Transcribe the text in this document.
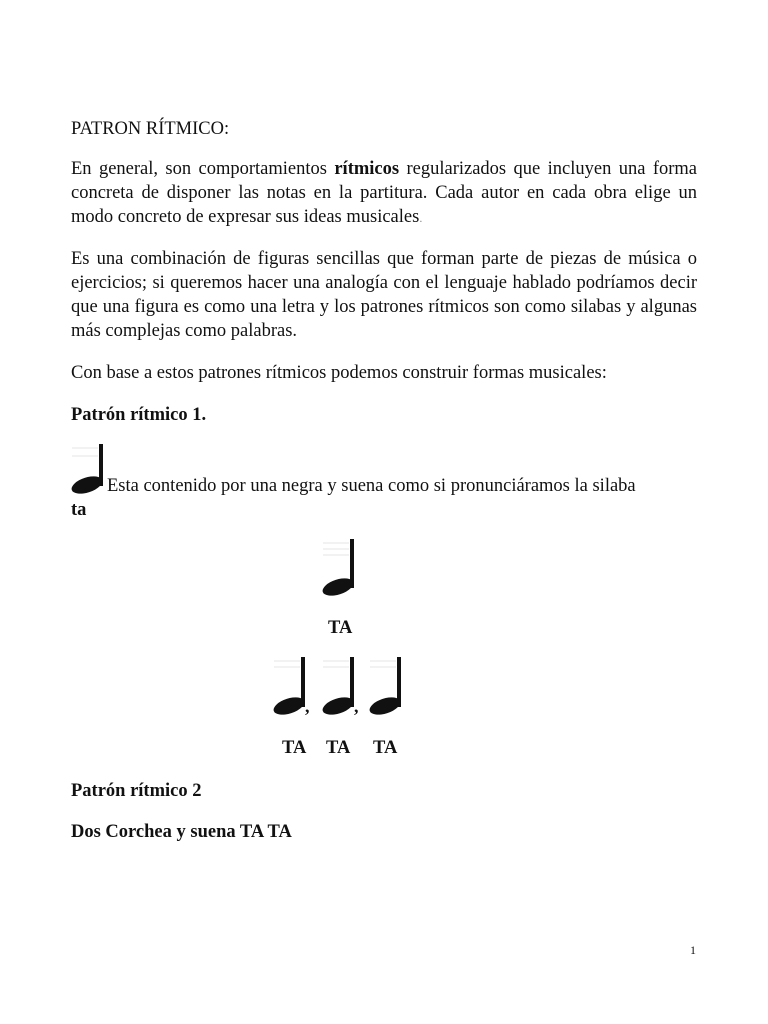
PATRON RÍTMICO:
En general, son comportamientos rítmicos regularizados que incluyen una forma concreta de disponer las notas en la partitura. Cada autor en cada obra elige un modo concreto de expresar sus ideas musicales.
Es una combinación de figuras sencillas que forman parte de piezas de música o ejercicios; si queremos hacer una analogía con el lenguaje hablado podríamos decir que una figura es como una letra y los patrones rítmicos son como silabas y algunas más complejas como palabras.
Con base a estos patrones rítmicos podemos construir formas musicales:
Patrón rítmico 1.
Esta contenido por una negra y suena como si pronunciáramos la silaba
ta
TA
, ,
TA TA TA
Patrón rítmico 2
Dos Corchea y suena TA TA
1
